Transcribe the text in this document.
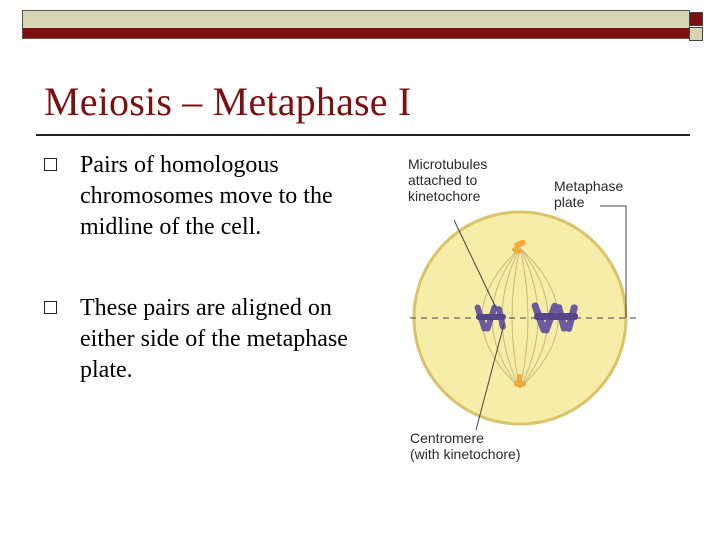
Meiosis – Metaphase I
Pairs of homologous chromosomes move to the midline of the cell.
These pairs are aligned on either side of the metaphase plate.
Microtubules
attached to
kinetochore
Metaphase
plate
Centromere
(with kinetochore)
